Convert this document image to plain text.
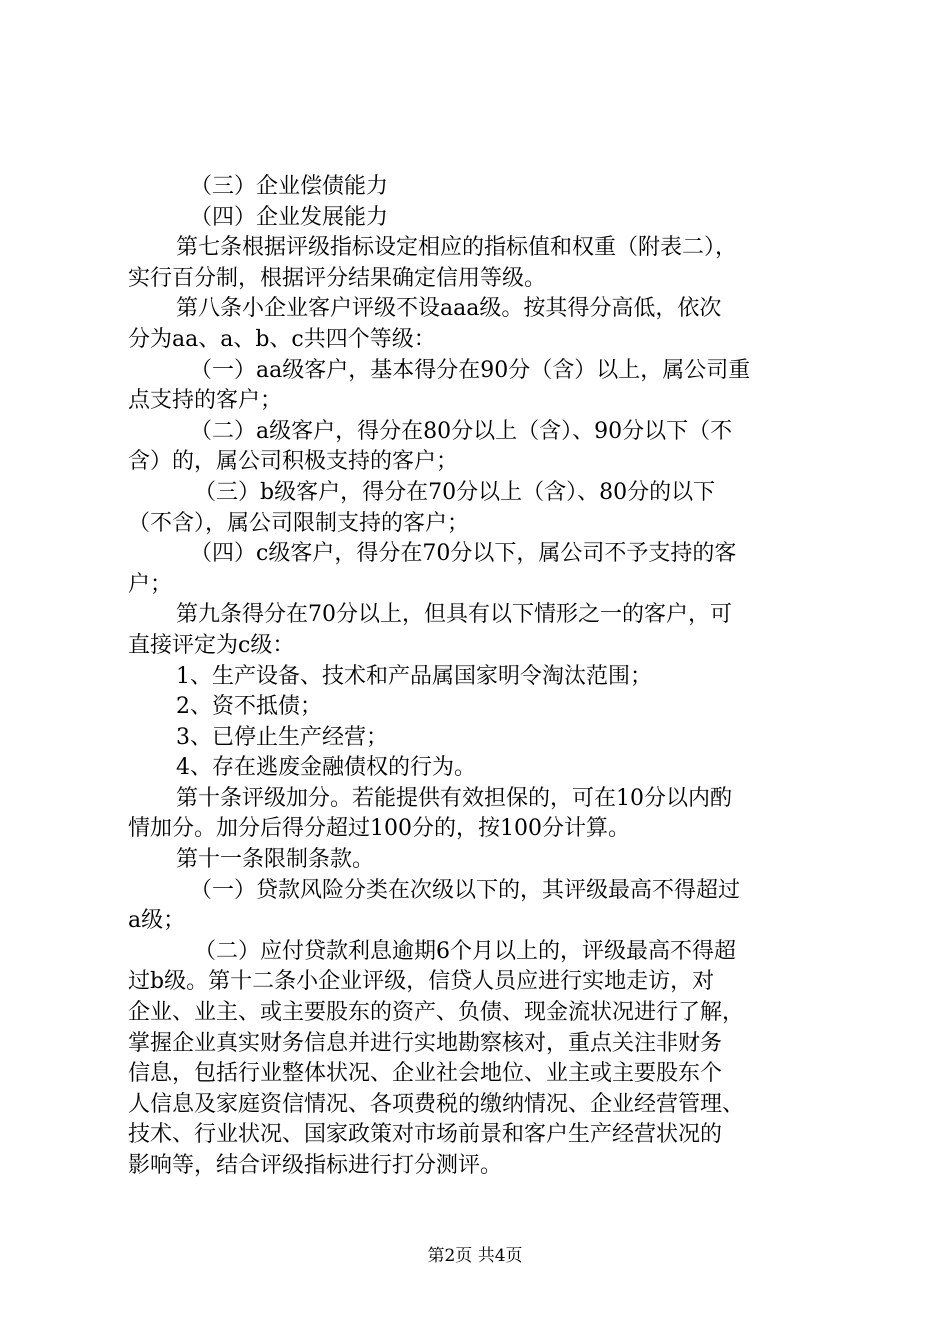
（三）企业偿债能力
（四）企业发展能力
第七条根据评级指标设定相应的指标值和权重（附表二），
实行百分制，根据评分结果确定信用等级。
第八条小企业客户评级不设aaa级。按其得分高低，依次
分为aa、a、b、c共四个等级：
（一）aa级客户，基本得分在90分（含）以上，属公司重
点支持的客户；
（二）a级客户，得分在80分以上（含）、90分以下（不
含）的，属公司积极支持的客户；
（三）b级客户，得分在70分以上（含）、80分的以下
（不含），属公司限制支持的客户；
（四）c级客户，得分在70分以下，属公司不予支持的客
户；
第九条得分在70分以上，但具有以下情形之一的客户，可
直接评定为c级：
1、生产设备、技术和产品属国家明令淘汰范围；
2、资不抵债；
3、已停止生产经营；
4、存在逃废金融债权的行为。
第十条评级加分。若能提供有效担保的，可在10分以内酌
情加分。加分后得分超过100分的，按100分计算。
第十一条限制条款。
（一）贷款风险分类在次级以下的，其评级最高不得超过
a级；
（二）应付贷款利息逾期6个月以上的，评级最高不得超
过b级。第十二条小企业评级，信贷人员应进行实地走访，对
企业、业主、或主要股东的资产、负债、现金流状况进行了解，
掌握企业真实财务信息并进行实地勘察核对，重点关注非财务
信息，包括行业整体状况、企业社会地位、业主或主要股东个
人信息及家庭资信情况、各项费税的缴纳情况、企业经营管理、
技术、行业状况、国家政策对市场前景和客户生产经营状况的
影响等，结合评级指标进行打分测评。
第2页 共4页
